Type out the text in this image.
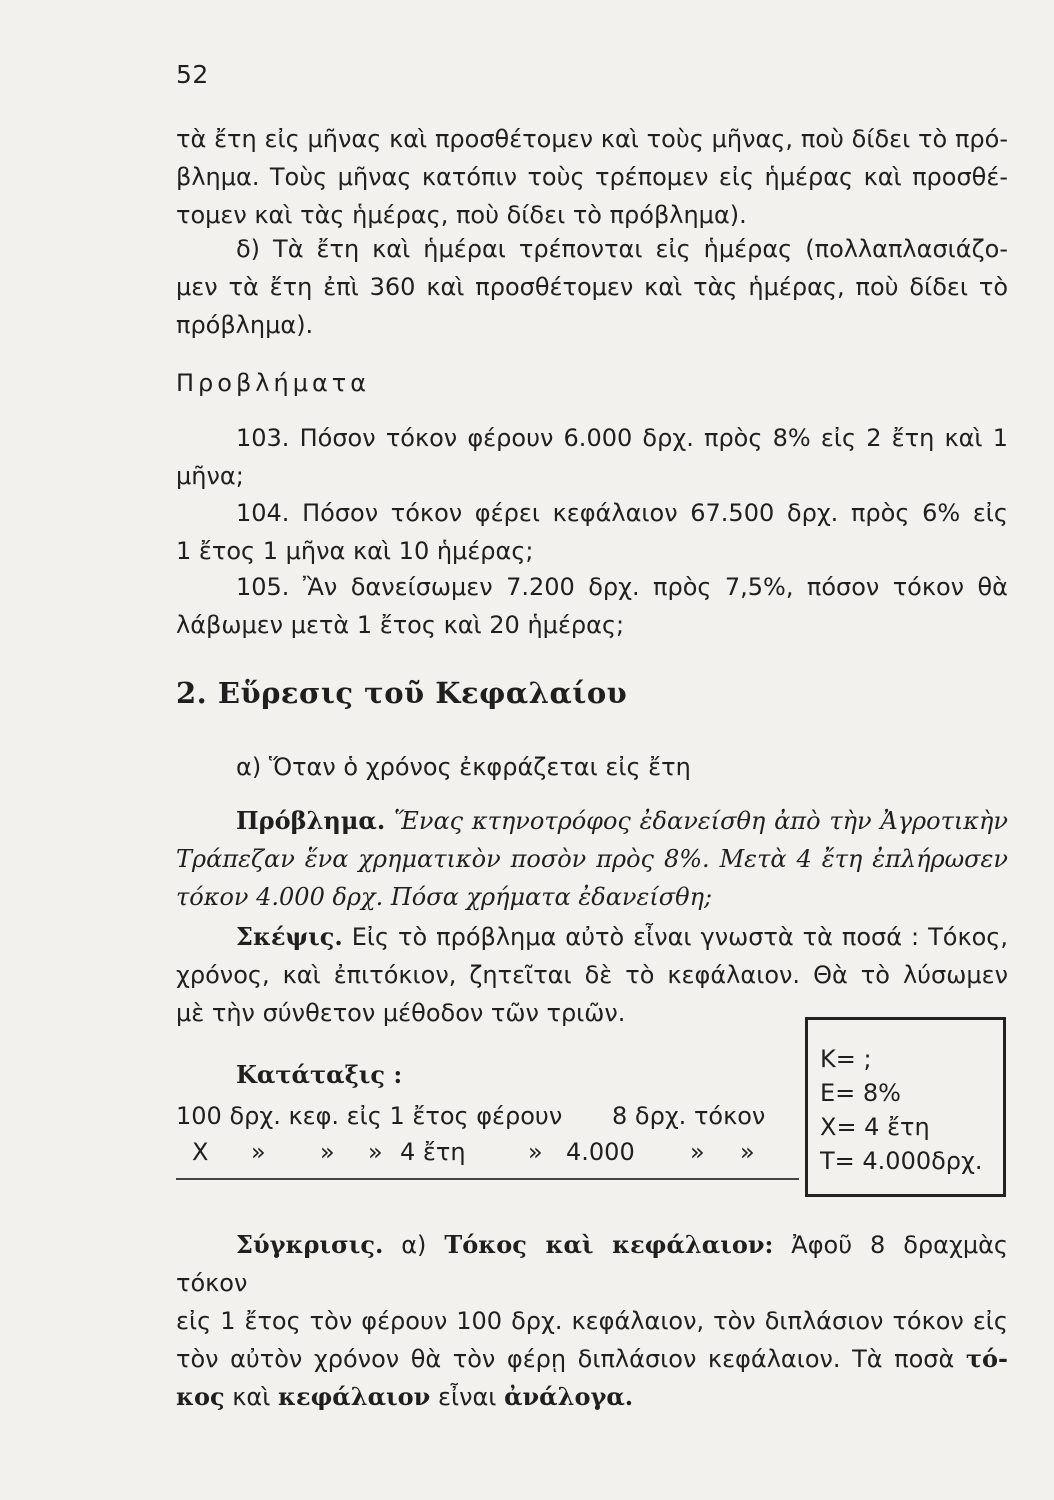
52
τὰ ἔτη εἰς μῆνας καὶ προσθέτομεν καὶ τοὺς μῆνας, ποὺ δίδει τὸ πρό-
βλημα. Τοὺς μῆνας κατόπιν τοὺς τρέπομεν εἰς ἡμέρας καὶ προσθέ-
τομεν καὶ τὰς ἡμέρας, ποὺ δίδει τὸ πρόβλημα).
δ) Τὰ ἔτη καὶ ἡμέραι τρέπονται εἰς ἡμέρας (πολλαπλασιάζο-
μεν τὰ ἔτη ἐπὶ 360 καὶ προσθέτομεν καὶ τὰς ἡμέρας, ποὺ δίδει τὸ
πρόβλημα).
Προβλήματα
103. Πόσον τόκον φέρουν 6.000 δρχ. πρὸς 8% εἰς 2 ἔτη καὶ 1
μῆνα;
104. Πόσον τόκον φέρει κεφάλαιον 67.500 δρχ. πρὸς 6% εἰς
1 ἔτος 1 μῆνα καὶ 10 ἡμέρας;
105. Ἂν δανείσωμεν 7.200 δρχ. πρὸς 7,5%, πόσον τόκον θὰ
λάβωμεν μετὰ 1 ἔτος καὶ 20 ἡμέρας;
2. Εὕρεσις τοῦ Κεφαλαίου
α) Ὅταν ὁ χρόνος ἐκφράζεται εἰς ἔτη
Πρόβλημα. Ἕνας κτηνοτρόφος ἐδανείσθη ἀπὸ τὴν Ἀγροτικὴν
Τράπεζαν ἕνα χρηματικὸν ποσὸν πρὸς 8%. Μετὰ 4 ἔτη ἐπλήρωσεν
τόκον 4.000 δρχ. Πόσα χρήματα ἐδανείσθη;
Σκέψις. Εἰς τὸ πρόβλημα αὐτὸ εἶναι γνωστὰ τὰ ποσά : Τόκος,
χρόνος, καὶ ἐπιτόκιον, ζητεῖται δὲ τὸ κεφάλαιον. Θὰ τὸ λύσωμεν
μὲ τὴν σύνθετον μέθοδον τῶν τριῶν.
Κατάταξις :
100 δρχ. κεφ. εἰς 1 ἔτος φέρουν 8 δρχ. τόκον
Χ » » » 4 ἔτη	» 4.000 » »
Κ= ;
Ε= 8%
Χ= 4 ἔτη
Τ= 4.000δρχ.
Σύγκρισις. α) Τόκος καὶ κεφάλαιον: Ἀφοῦ 8 δραχμὰς τόκον
εἰς 1 ἔτος τὸν φέρουν 100 δρχ. κεφάλαιον, τὸν διπλάσιον τόκον εἰς
τὸν αὐτὸν χρόνον θὰ τὸν φέρῃ διπλάσιον κεφάλαιον. Τὰ ποσὰ τό-
κος καὶ κεφάλαιον εἶναι ἀνάλογα.
